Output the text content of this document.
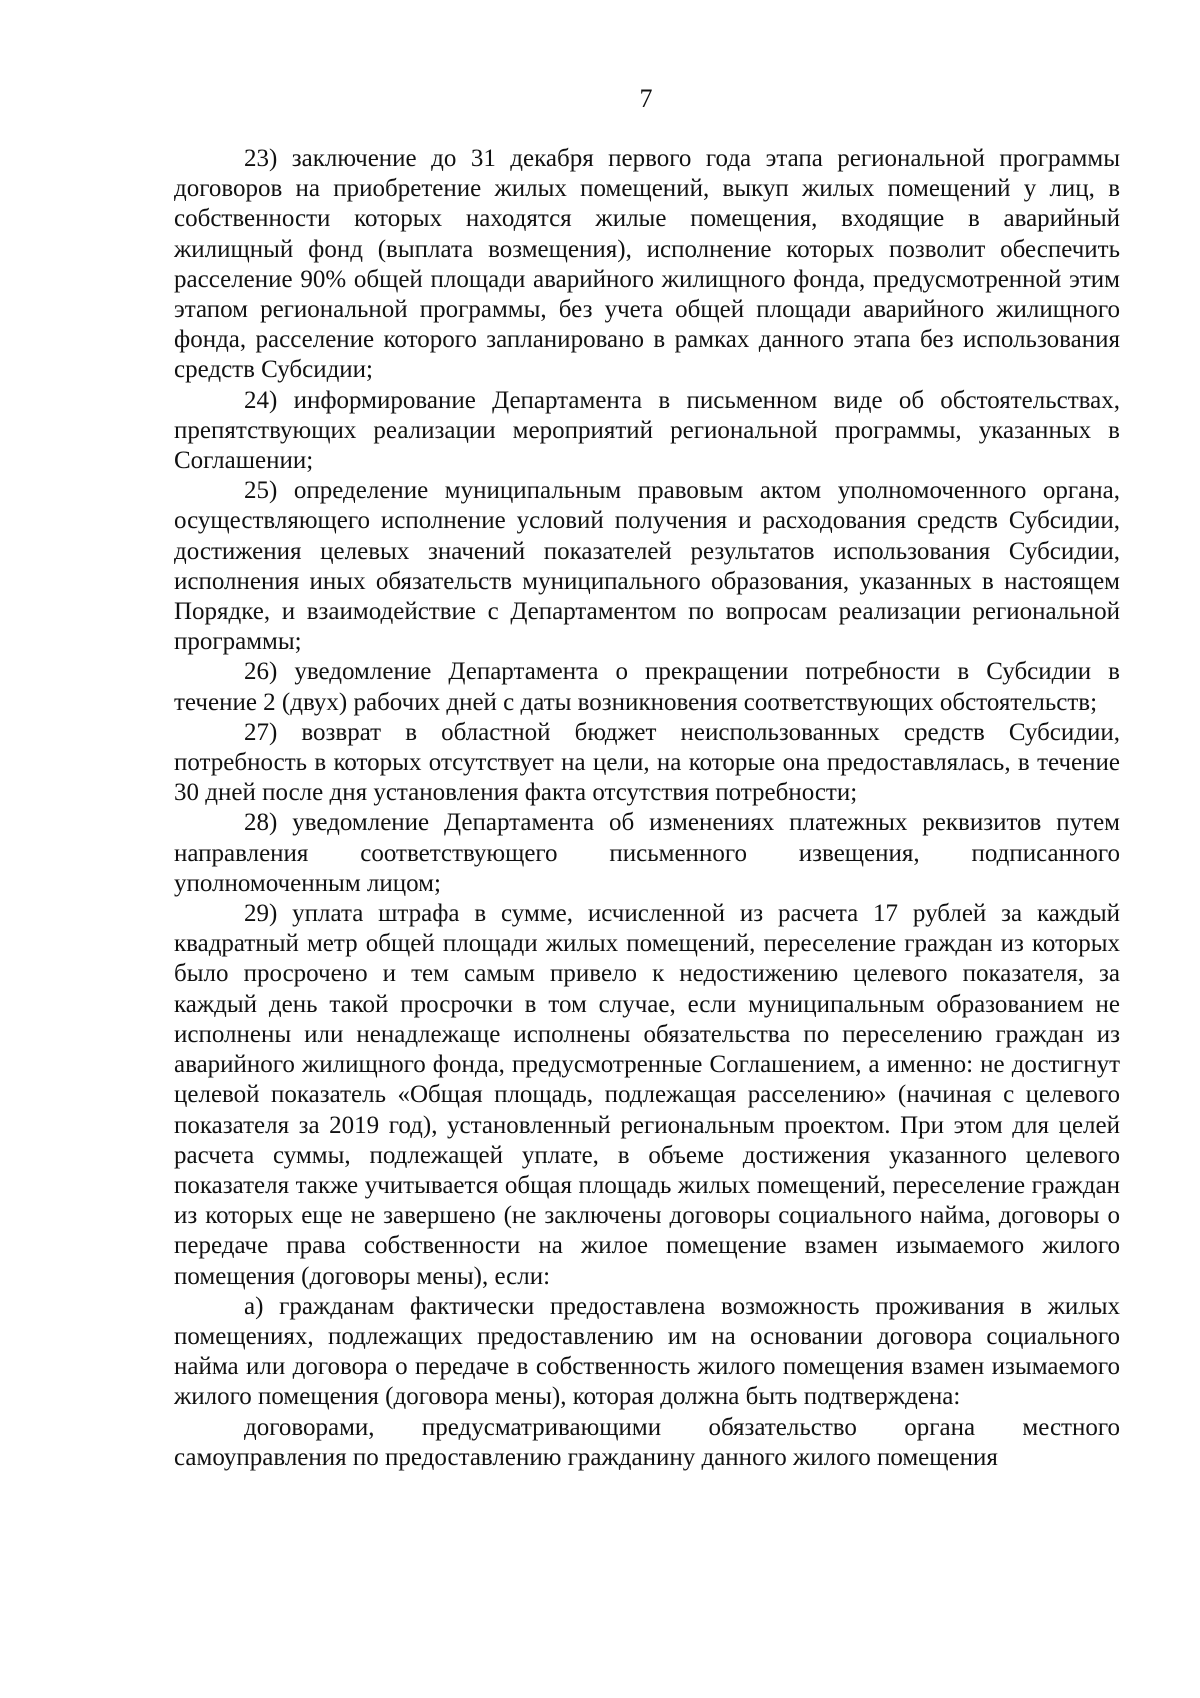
7

23) заключение до 31 декабря первого года этапа региональной программы договоров на приобретение жилых помещений, выкуп жилых помещений у лиц, в собственности которых находятся жилые помещения, входящие в аварийный жилищный фонд (выплата возмещения), исполнение которых позволит обеспечить расселение 90% общей площади аварийного жилищного фонда, предусмотренной этим этапом региональной программы, без учета общей площади аварийного жилищного фонда, расселение которого запланировано в рамках данного этапа без использования средств Субсидии;

24) информирование Департамента в письменном виде об обстоятельствах, препятствующих реализации мероприятий региональной программы, указанных в Соглашении;

25) определение муниципальным правовым актом уполномоченного органа, осуществляющего исполнение условий получения и расходования средств Субсидии, достижения целевых значений показателей результатов использования Субсидии, исполнения иных обязательств муниципального образования, указанных в настоящем Порядке, и взаимодействие с Департаментом по вопросам реализации региональной программы;

26) уведомление Департамента о прекращении потребности в Субсидии в течение 2 (двух) рабочих дней с даты возникновения соответствующих обстоятельств;

27) возврат в областной бюджет неиспользованных средств Субсидии, потребность в которых отсутствует на цели, на которые она предоставлялась, в течение 30 дней после дня установления факта отсутствия потребности;

28) уведомление Департамента об изменениях платежных реквизитов путем направления соответствующего письменного извещения, подписанного уполномоченным лицом;

29) уплата штрафа в сумме, исчисленной из расчета 17 рублей за каждый квадратный метр общей площади жилых помещений, переселение граждан из которых было просрочено и тем самым привело к недостижению целевого показателя, за каждый день такой просрочки в том случае, если муниципальным образованием не исполнены или ненадлежаще исполнены обязательства по переселению граждан из аварийного жилищного фонда, предусмотренные Соглашением, а именно: не достигнут целевой показатель «Общая площадь, подлежащая расселению» (начиная с целевого показателя за 2019 год), установленный региональным проектом. При этом для целей расчета суммы, подлежащей уплате, в объеме достижения указанного целевого показателя также учитывается общая площадь жилых помещений, переселение граждан из которых еще не завершено (не заключены договоры социального найма, договоры о передаче права собственности на жилое помещение взамен изымаемого жилого помещения (договоры мены), если:

а) гражданам фактически предоставлена возможность проживания в жилых помещениях, подлежащих предоставлению им на основании договора социального найма или договора о передаче в собственность жилого помещения взамен изымаемого жилого помещения (договора мены), которая должна быть подтверждена:

договорами, предусматривающими обязательство органа местного самоуправления по предоставлению гражданину данного жилого помещения
